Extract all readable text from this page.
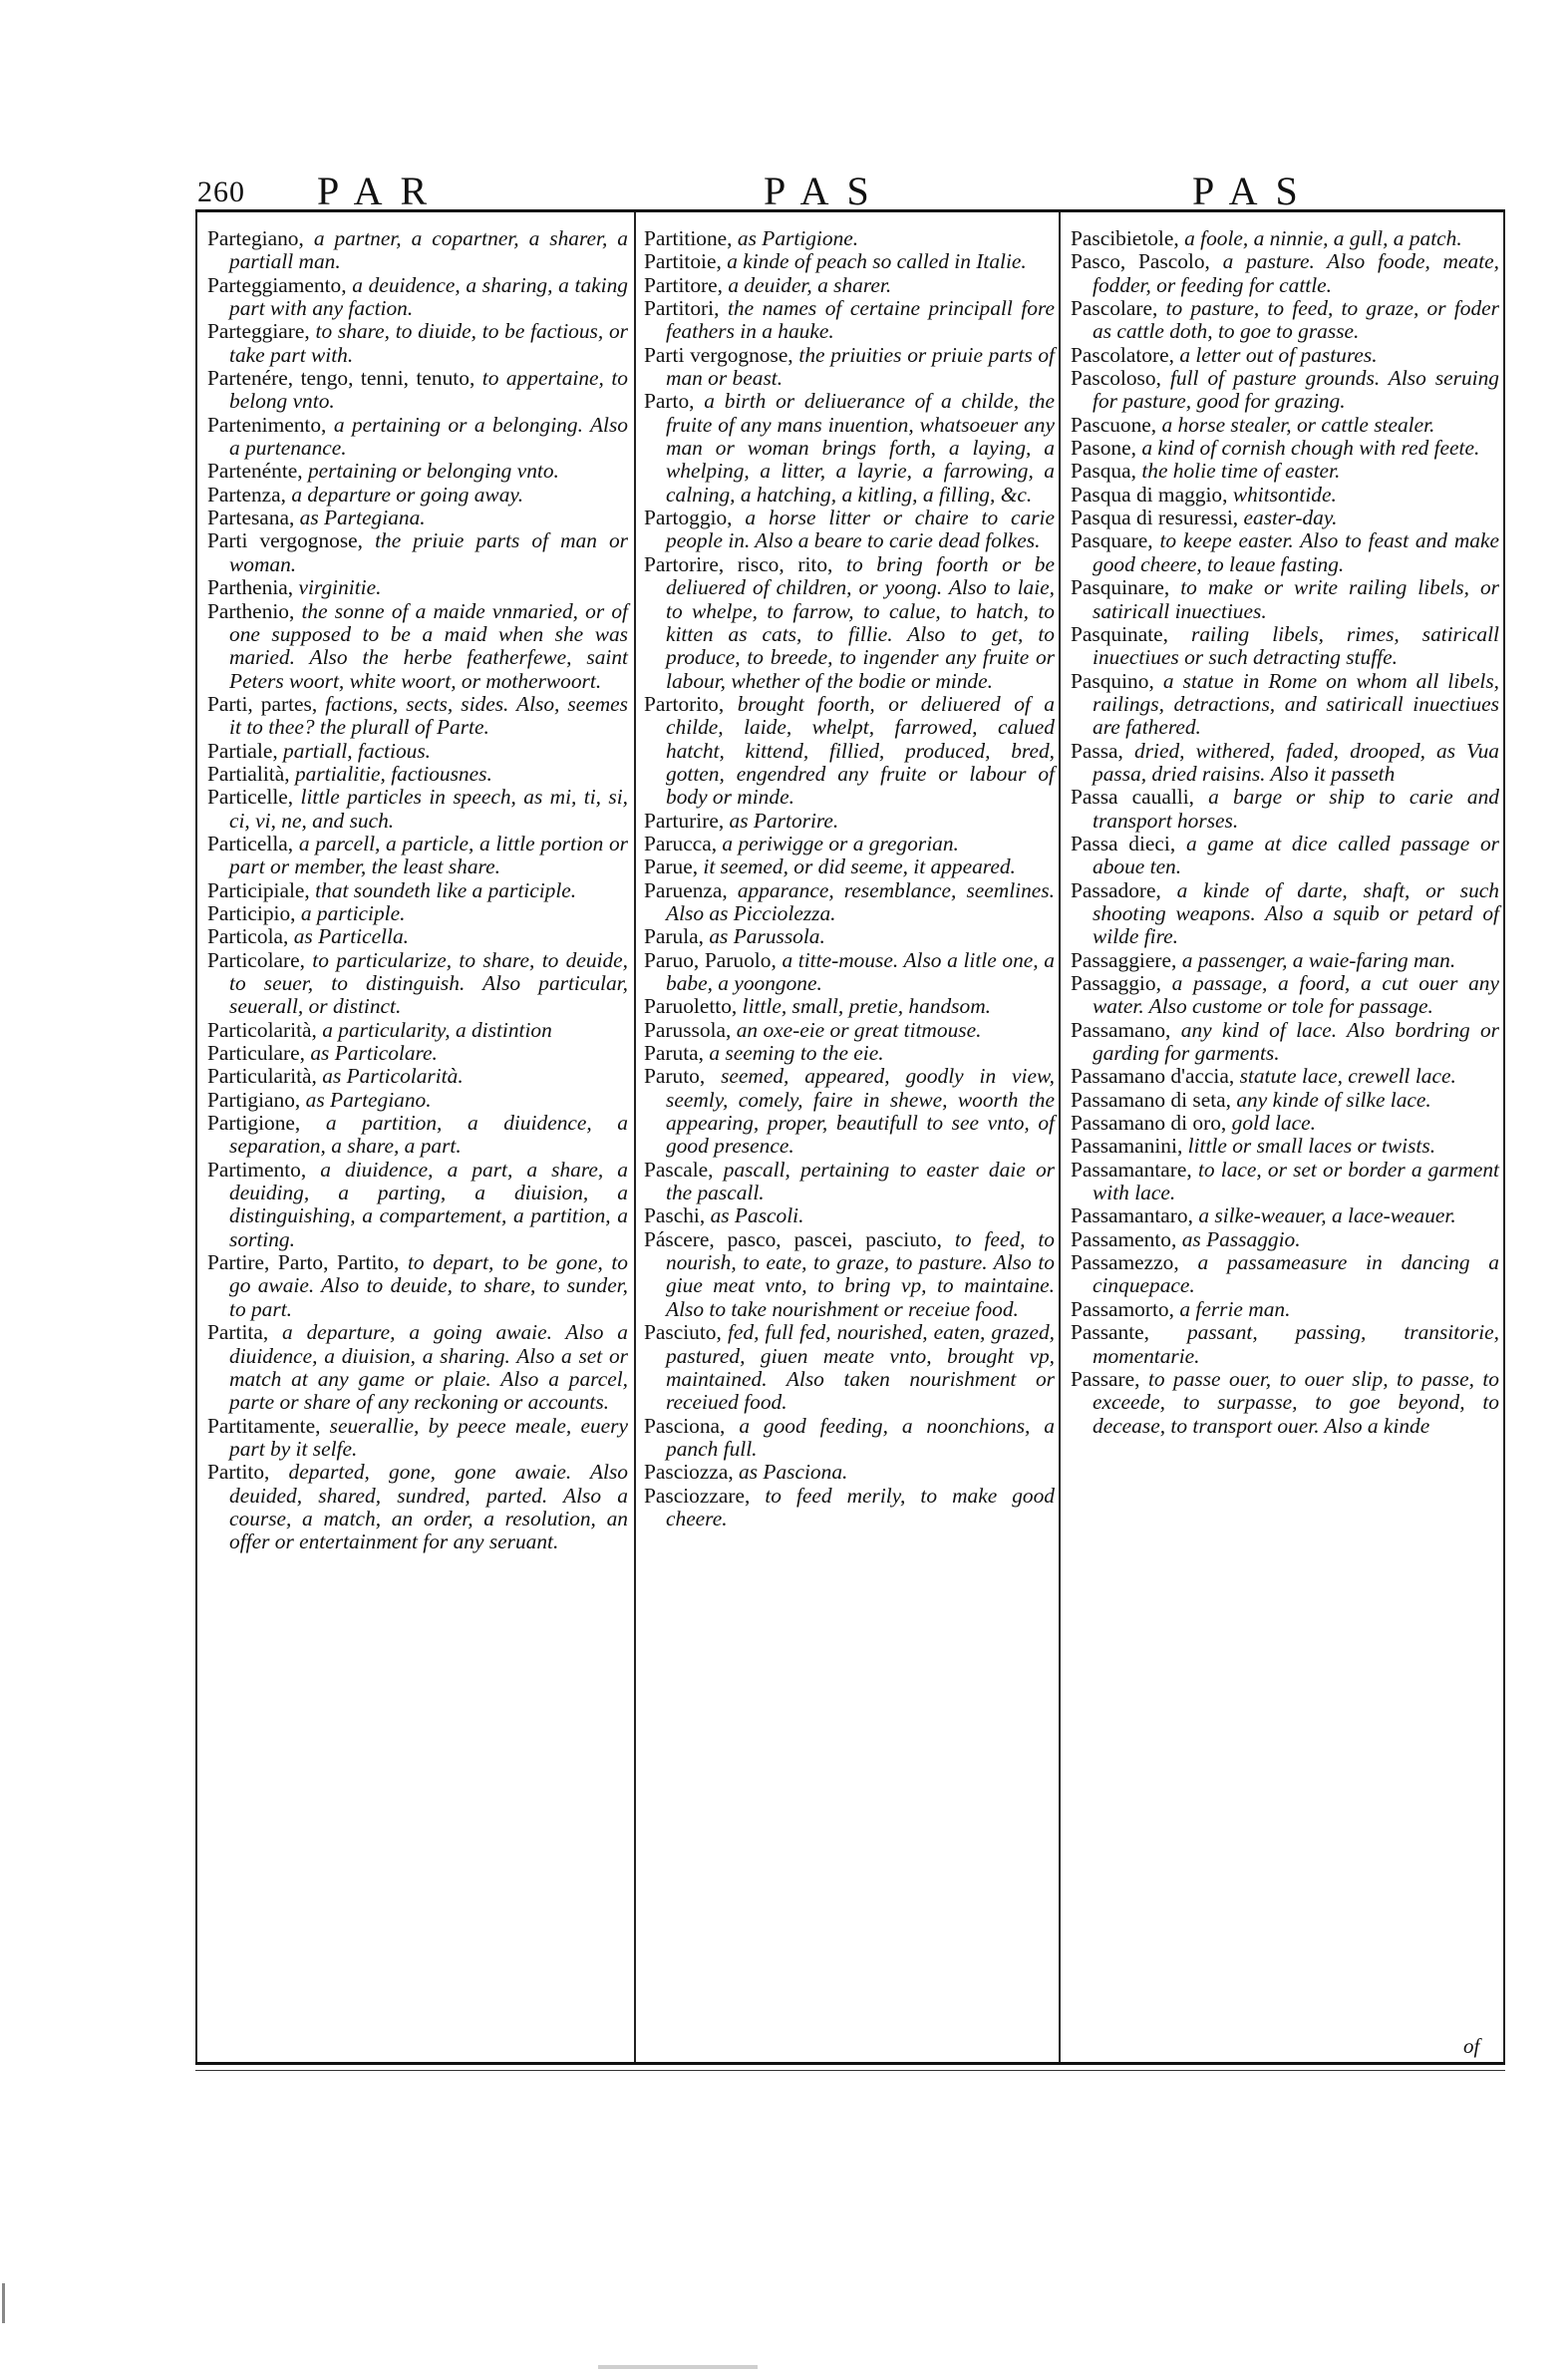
260 PAR	PAS	PAS

Partegiano, a partner, a copartner, a sharer, a partiall man.

Parteggiamento, a deuidence, a sharing, a taking part with any faction.

Parteggiare, to share, to diuide, to be factious, or take part with.

Partenére, tengo, tenni, tenuto, to appertaine, to belong vnto.

Partenimento, a pertaining or a belonging. Also a purtenance.

Partenénte, pertaining or belonging vnto.

Partenza, a departure or going away.

Partesana, as Partegiana.

Parti vergognose, the priuie parts of man or woman.

Parthenia, virginitie.

Parthenio, the sonne of a maide vnmaried, or of one supposed to be a maid when she was maried. Also the herbe featherfewe, saint Peters woort, white woort, or motherwoort.

Parti, partes, factions, sects, sides. Also, seemes it to thee? the plurall of Parte.

Partiale, partiall, factious.

Partialità, partialitie, factiousnes.

Particelle, little particles in speech, as mi, ti, si, ci, vi, ne, and such.

Particella, a parcell, a particle, a little portion or part or member, the least share.

Participiale, that soundeth like a participle.

Participio, a participle.

Particola, as Particella.

Particolare, to particularize, to share, to deuide, to seuer, to distinguish. Also particular, seuerall, or distinct.

Particolarità, a particularity, a distintion

Particulare, as Particolare.

Particularità, as Particolarità.

Partigiano, as Partegiano.

Partigione, a partition, a diuidence, a separation, a share, a part.

Partimento, a diuidence, a part, a share, a deuiding, a parting, a diuision, a distinguishing, a compartement, a partition, a sorting.

Partire, Parto, Partito, to depart, to be gone, to go awaie. Also to deuide, to share, to sunder, to part.

Partita, a departure, a going awaie. Also a diuidence, a diuision, a sharing. Also a set or match at any game or plaie. Also a parcel, parte or share of any reckoning or accounts.

Partitamente, seuerallie, by peece meale, euery part by it selfe.

Partito, departed, gone, gone awaie. Also deuided, shared, sundred, parted. Also a course, a match, an order, a resolution, an offer or entertainment for any seruant.

Partitione, as Partigione.

Partitoie, a kinde of peach so called in Italie.

Partitore, a deuider, a sharer.

Partitori, the names of certaine principall fore feathers in a hauke.

Parti vergognose, the priuities or priuie parts of man or beast.

Parto, a birth or deliuerance of a childe, the fruite of any mans inuention, whatsoeuer any man or woman brings forth, a laying, a whelping, a litter, a layrie, a farrowing, a calning, a hatching, a kitling, a filling, &c.

Partoggio, a horse litter or chaire to carie people in. Also a beare to carie dead folkes.

Partorire, risco, rito, to bring foorth or be deliuered of children, or yoong. Also to laie, to whelpe, to farrow, to calue, to hatch, to kitten as cats, to fillie. Also to get, to produce, to breede, to ingender any fruite or labour, whether of the bodie or minde.

Partorito, brought foorth, or deliuered of a childe, laide, whelpt, farrowed, calued hatcht, kittend, fillied, produced, bred, gotten, engendred any fruite or labour of body or minde.

Parturire, as Partorire.

Parucca, a periwigge or a gregorian.

Parue, it seemed, or did seeme, it appeared.

Paruenza, apparance, resemblance, seemlines. Also as Picciolezza.

Parula, as Parussola.

Paruo, Paruolo, a titte-mouse. Also a litle one, a babe, a yoongone.

Paruoletto, little, small, pretie, handsom.

Parussola, an oxe-eie or great titmouse.

Paruta, a seeming to the eie.

Paruto, seemed, appeared, goodly in view, seemly, comely, faire in shewe, woorth the appearing, proper, beautifull to see vnto, of good presence.

Pascale, pascall, pertaining to easter daie or the pascall.

Paschi, as Pascoli.

Páscere, pasco, pascei, pasciuto, to feed, to nourish, to eate, to graze, to pasture. Also to giue meat vnto, to bring vp, to maintaine. Also to take nourishment or receiue food.

Pasciuto, fed, full fed, nourished, eaten, grazed, pastured, giuen meate vnto, brought vp, maintained. Also taken nourishment or receiued food.

Pasciona, a good feeding, a noonchions, a panch full.

Pasciozza, as Pasciona.

Pasciozzare, to feed merily, to make good cheere.

Pascibietole, a foole, a ninnie, a gull, a patch.

Pasco, Pascolo, a pasture. Also foode, meate, fodder, or feeding for cattle.

Pascolare, to pasture, to feed, to graze, or foder as cattle doth, to goe to grasse.

Pascolatore, a letter out of pastures.

Pascoloso, full of pasture grounds. Also seruing for pasture, good for grazing.

Pascuone, a horse stealer, or cattle stealer.

Pasone, a kind of cornish chough with red feete.

Pasqua, the holie time of easter.

Pasqua di maggio, whitsontide.

Pasqua di resuressi, easter-day.

Pasquare, to keepe easter. Also to feast and make good cheere, to leaue fasting.

Pasquinare, to make or write railing libels, or satiricall inuectiues.

Pasquinate, railing libels, rimes, satiricall inuectiues or such detracting stuffe.

Pasquino, a statue in Rome on whom all libels, railings, detractions, and satiricall inuectiues are fathered.

Passa, dried, withered, faded, drooped, as Vua passa, dried raisins. Also it passeth

Passa caualli, a barge or ship to carie and transport horses.

Passa dieci, a game at dice called passage or aboue ten.

Passadore, a kinde of darte, shaft, or such shooting weapons. Also a squib or petard of wilde fire.

Passaggiere, a passenger, a waie-faring man.

Passaggio, a passage, a foord, a cut ouer any water. Also custome or tole for passage.

Passamano, any kind of lace. Also bordring or garding for garments.

Passamano d'accia, statute lace, crewell lace.

Passamano di seta, any kinde of silke lace.

Passamano di oro, gold lace.

Passamanini, little or small laces or twists.

Passamantare, to lace, or set or border a garment with lace.

Passamantaro, a silke-weauer, a lace-weauer.

Passamento, as Passaggio.

Passamezzo, a passameasure in dancing a cinquepace.

Passamorto, a ferrie man.

Passante, passant, passing, transitorie, momentarie.

Passare, to passe ouer, to ouer slip, to passe, to exceede, to surpasse, to goe beyond, to decease, to transport ouer. Also a kinde

of
